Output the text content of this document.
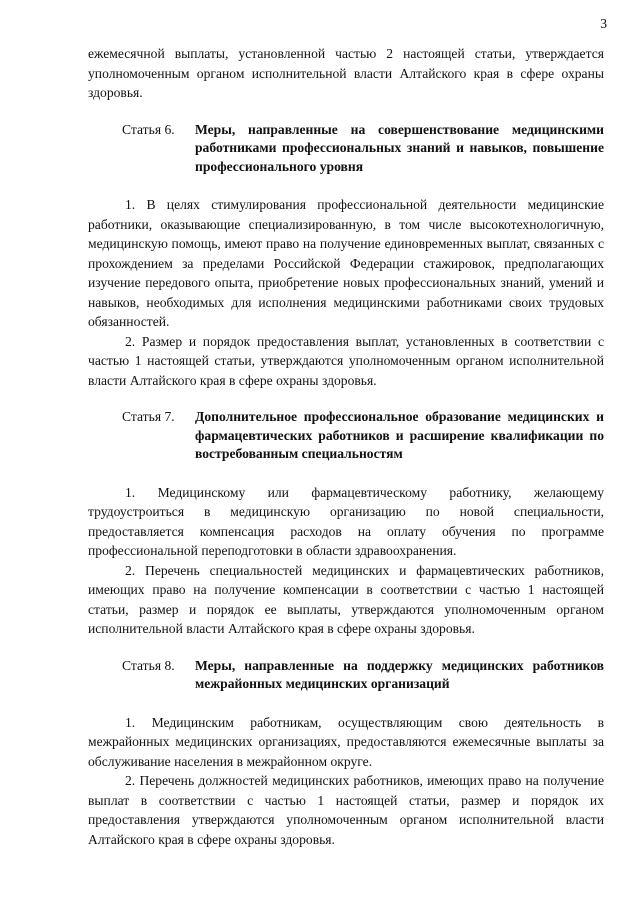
3

ежемесячной выплаты, установленной частью 2 настоящей статьи, утверждается уполномоченным органом исполнительной власти Алтайского края в сфере охраны здоровья.

Статья 6.	Меры, направленные на совершенствование медицинскими работниками профессиональных знаний и навыков, повышение профессионального уровня

1. В целях стимулирования профессиональной деятельности медицинские работники, оказывающие специализированную, в том числе высокотехнологичную, медицинскую помощь, имеют право на получение единовременных выплат, связанных с прохождением за пределами Российской Федерации стажировок, предполагающих изучение передового опыта, приобретение новых профессиональных знаний, умений и навыков, необходимых для исполнения медицинскими работниками своих трудовых обязанностей.

2. Размер и порядок предоставления выплат, установленных в соответствии с частью 1 настоящей статьи, утверждаются уполномоченным органом исполнительной власти Алтайского края в сфере охраны здоровья.

Статья 7.	Дополнительное профессиональное образование медицинских и фармацевтических работников и расширение квалификации по востребованным специальностям

1. Медицинскому или фармацевтическому работнику, желающему трудоустроиться в медицинскую организацию по новой специальности, предоставляется компенсация расходов на оплату обучения по программе профессиональной переподготовки в области здравоохранения.

2. Перечень специальностей медицинских и фармацевтических работников, имеющих право на получение компенсации в соответствии с частью 1 настоящей статьи, размер и порядок ее выплаты, утверждаются уполномоченным органом исполнительной власти Алтайского края в сфере охраны здоровья.

Статья 8.	Меры, направленные на поддержку медицинских работников межрайонных медицинских организаций

1. Медицинским работникам, осуществляющим свою деятельность в межрайонных медицинских организациях, предоставляются ежемесячные выплаты за обслуживание населения в межрайонном округе.

2. Перечень должностей медицинских работников, имеющих право на получение выплат в соответствии с частью 1 настоящей статьи, размер и порядок их предоставления утверждаются уполномоченным органом исполнительной власти Алтайского края в сфере охраны здоровья.
